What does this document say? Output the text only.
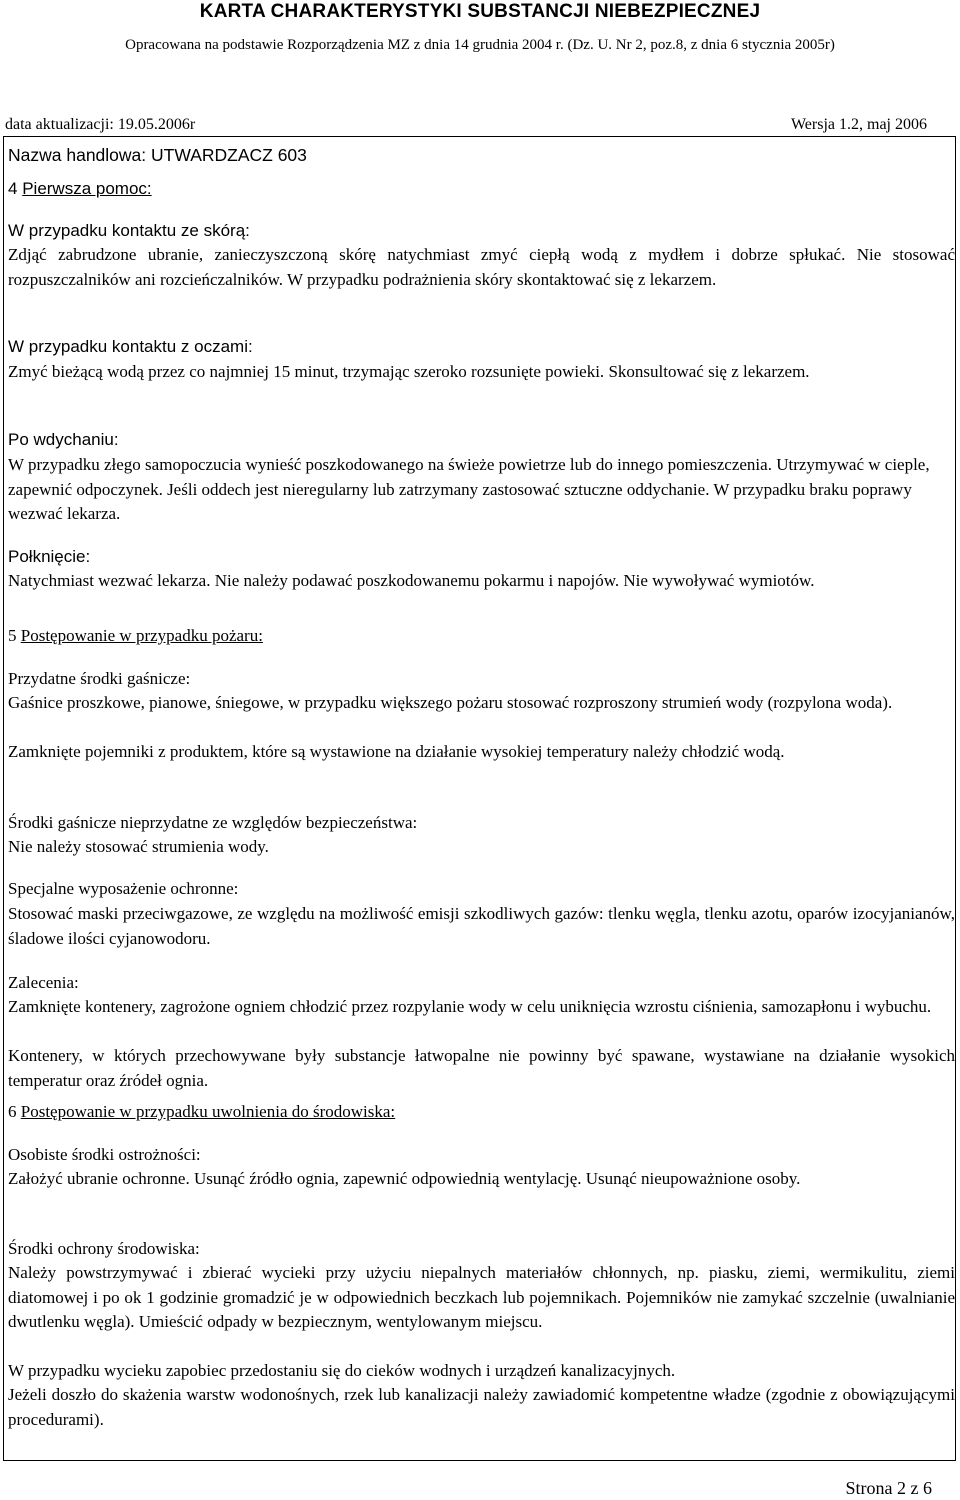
KARTA CHARAKTERYSTYKI SUBSTANCJI NIEBEZPIECZNEJ
Opracowana na podstawie Rozporządzenia MZ z dnia 14 grudnia 2004 r. (Dz. U. Nr 2, poz.8, z dnia 6 stycznia 2005r)
data aktualizacji: 19.05.2006r	Wersja 1.2, maj 2006
Nazwa handlowa: UTWARDZACZ 603
4 Pierwsza pomoc:
W przypadku kontaktu ze skórą:
Zdjąć zabrudzone ubranie, zanieczyszczoną skórę natychmiast zmyć ciepłą wodą z mydłem i dobrze spłukać. Nie stosować rozpuszczalników ani rozcieńczalników. W przypadku podrażnienia skóry skontaktować się z lekarzem.
W przypadku kontaktu z oczami:
Zmyć bieżącą wodą przez co najmniej 15 minut, trzymając szeroko rozsunięte powieki. Skonsultować się z lekarzem.
Po wdychaniu:
W przypadku złego samopoczucia wynieść poszkodowanego na świeże powietrze lub do innego pomieszczenia. Utrzymywać w cieple, zapewnić odpoczynek. Jeśli oddech jest nieregularny lub zatrzymany zastosować sztuczne oddychanie. W przypadku braku poprawy wezwać lekarza.
Połknięcie:
Natychmiast wezwać lekarza. Nie należy podawać poszkodowanemu pokarmu i napojów. Nie wywoływać wymiotów.
5 Postępowanie w przypadku pożaru:
Przydatne środki gaśnicze:
Gaśnice proszkowe, pianowe, śniegowe, w przypadku większego pożaru stosować rozproszony strumień wody (rozpylona woda).
Zamknięte pojemniki z produktem, które są wystawione na działanie wysokiej temperatury należy chłodzić wodą.
Środki gaśnicze nieprzydatne ze względów bezpieczeństwa:
Nie należy stosować strumienia wody.
Specjalne wyposażenie ochronne:
Stosować maski przeciwgazowe, ze względu na możliwość emisji szkodliwych gazów: tlenku węgla, tlenku azotu, oparów izocyjanianów, śladowe ilości cyjanowodoru.
Zalecenia:
Zamknięte kontenery, zagrożone ogniem chłodzić przez rozpylanie wody w celu uniknięcia wzrostu ciśnienia, samozapłonu i wybuchu.
Kontenery, w których przechowywane były substancje łatwopalne nie powinny być spawane, wystawiane na działanie wysokich temperatur oraz źródeł ognia.
6 Postępowanie w przypadku uwolnienia do środowiska:
Osobiste środki ostrożności:
Założyć ubranie ochronne. Usunąć źródło ognia, zapewnić odpowiednią wentylację. Usunąć nieupoważnione osoby.
Środki ochrony środowiska:
Należy powstrzymywać i zbierać wycieki przy użyciu niepalnych materiałów chłonnych, np. piasku, ziemi, wermikulitu, ziemi diatomowej i po ok 1 godzinie gromadzić je w odpowiednich beczkach lub pojemnikach. Pojemników nie zamykać szczelnie (uwalnianie dwutlenku węgla). Umieścić odpady w bezpiecznym, wentylowanym miejscu.
W przypadku wycieku zapobiec przedostaniu się do cieków wodnych i urządzeń kanalizacyjnych.
Jeżeli doszło do skażenia warstw wodonośnych, rzek lub kanalizacji należy zawiadomić kompetentne władze (zgodnie z obowiązującymi procedurami).
Strona 2 z 6
